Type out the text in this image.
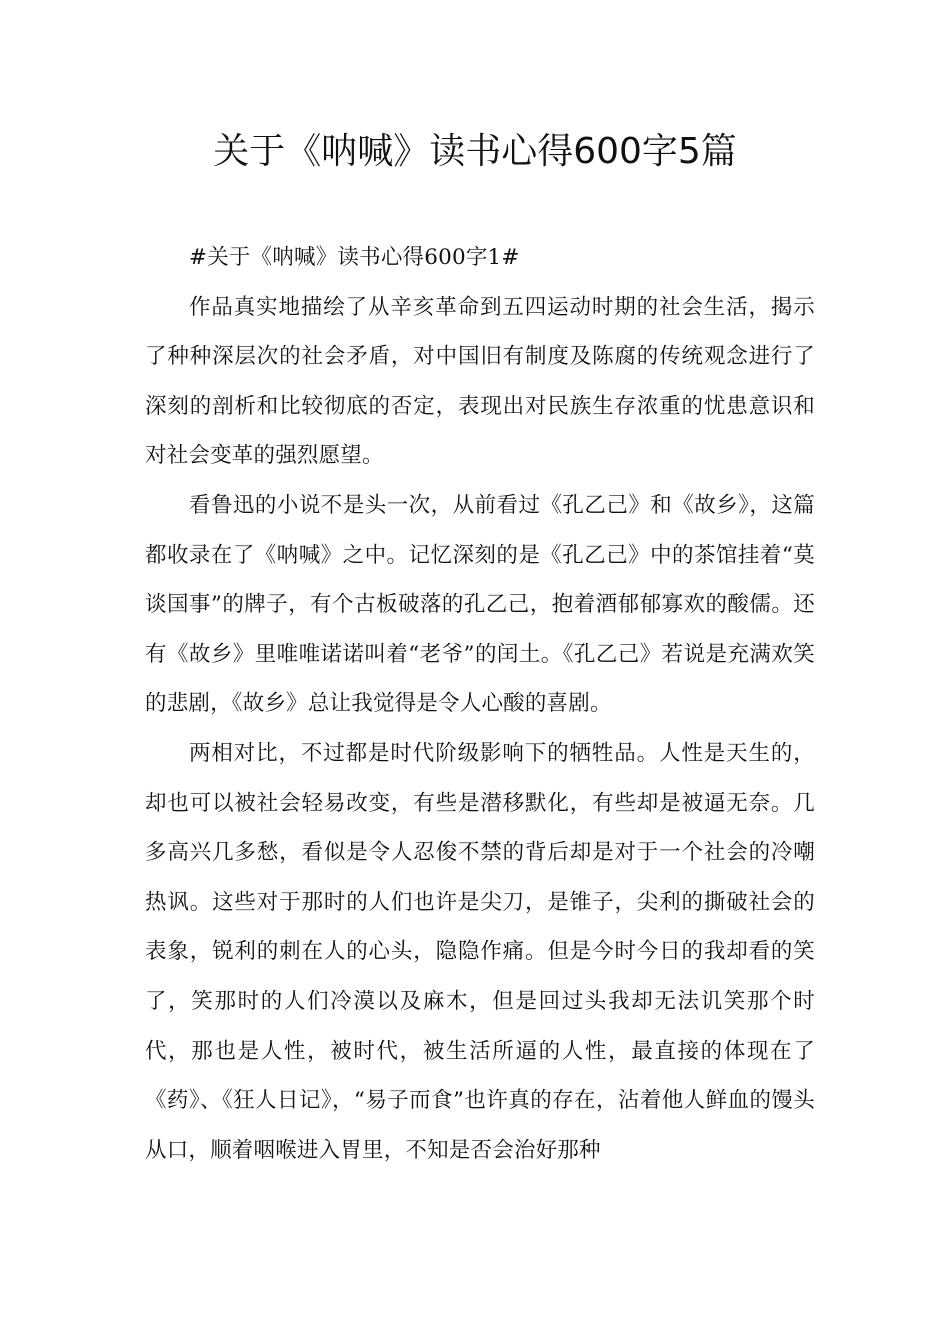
关于《呐喊》读书心得600字5篇

#关于《呐喊》读书心得600字1#

作品真实地描绘了从辛亥革命到五四运动时期的社会生活，揭示了种种深层次的社会矛盾，对中国旧有制度及陈腐的传统观念进行了深刻的剖析和比较彻底的否定，表现出对民族生存浓重的忧患意识和对社会变革的强烈愿望。

看鲁迅的小说不是头一次，从前看过《孔乙己》和《故乡》，这篇都收录在了《呐喊》之中。记忆深刻的是《孔乙己》中的茶馆挂着“莫谈国事”的牌子，有个古板破落的孔乙己，抱着酒郁郁寡欢的酸儒。还有《故乡》里唯唯诺诺叫着“老爷”的闰土。《孔乙己》若说是充满欢笑的悲剧，《故乡》总让我觉得是令人心酸的喜剧。

两相对比，不过都是时代阶级影响下的牺牲品。人性是天生的，却也可以被社会轻易改变，有些是潜移默化，有些却是被逼无奈。几多高兴几多愁，看似是令人忍俊不禁的背后却是对于一个社会的冷嘲热讽。这些对于那时的人们也许是尖刀，是锥子，尖利的撕破社会的表象，锐利的刺在人的心头，隐隐作痛。但是今时今日的我却看的笑了，笑那时的人们冷漠以及麻木，但是回过头我却无法讥笑那个时代，那也是人性，被时代，被生活所逼的人性，最直接的体现在了《药》、《狂人日记》，“易子而食”也许真的存在，沾着他人鲜血的馒头从口，顺着咽喉进入胃里，不知是否会治好那种
